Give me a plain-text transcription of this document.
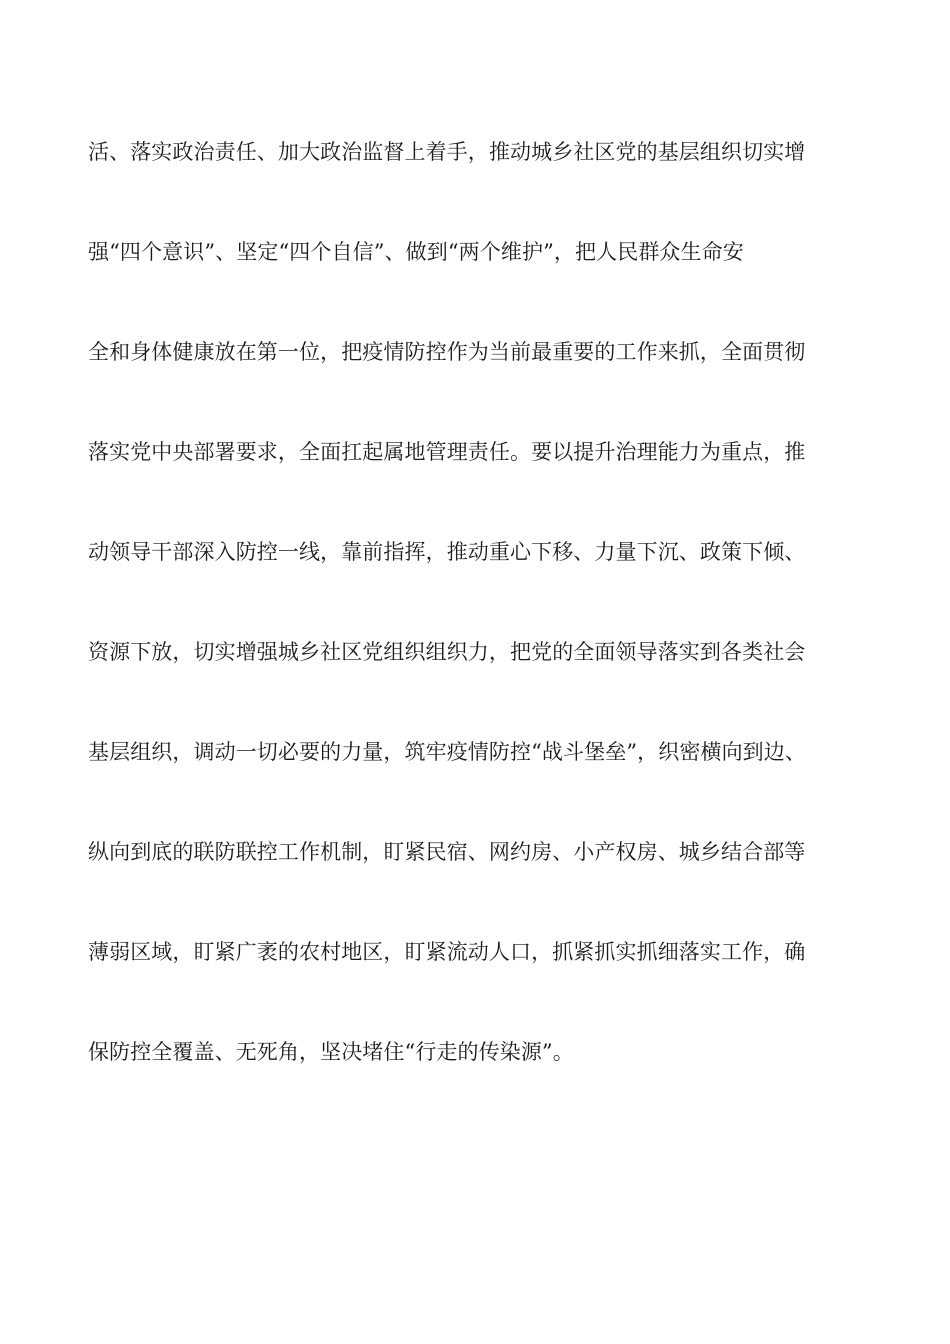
活、落实政治责任、加大政治监督上着手，推动城乡社区党的基层组织切实增
强“四个意识”、坚定“四个自信”、做到“两个维护”，把人民群众生命安
全和身体健康放在第一位，把疫情防控作为当前最重要的工作来抓，全面贯彻
落实党中央部署要求，全面扛起属地管理责任。要以提升治理能力为重点，推
动领导干部深入防控一线，靠前指挥，推动重心下移、力量下沉、政策下倾、
资源下放，切实增强城乡社区党组织组织力，把党的全面领导落实到各类社会
基层组织，调动一切必要的力量，筑牢疫情防控“战斗堡垒”，织密横向到边、
纵向到底的联防联控工作机制，盯紧民宿、网约房、小产权房、城乡结合部等
薄弱区域，盯紧广袤的农村地区，盯紧流动人口，抓紧抓实抓细落实工作，确
保防控全覆盖、无死角，坚决堵住“行走的传染源”。
